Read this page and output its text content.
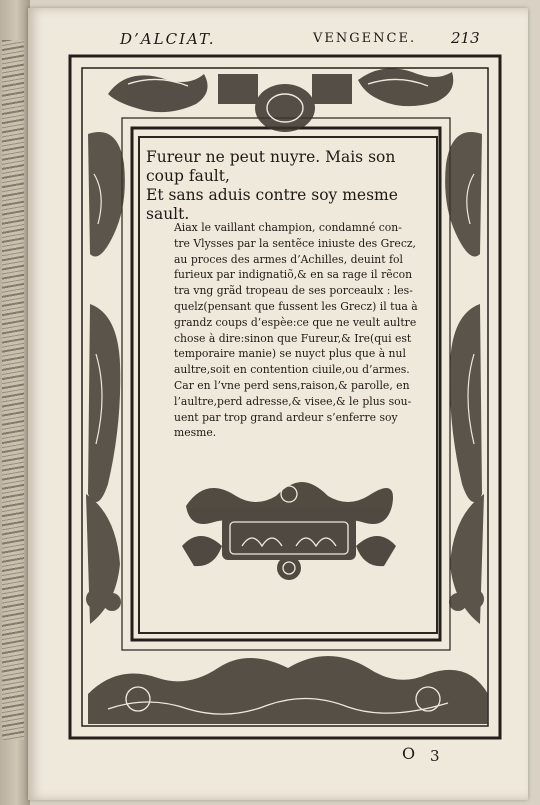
D’ALCIAT.	VENGENCE. 213
Fureur ne peut nuyre. Mais son coup fault,
Et sans aduis contre soy mesme sault.
Aiax le vaillant champion, condamné con-
tre Vlysses par la sentẽce iniuste des Grecz,
au proces des armes d’Achilles, deuint fol
furieux par indignatiõ,& en sa rage il rẽcon
tra vng grãd tropeau de ses porceaulx : les-
quelz(pensant que fussent les Grecz) il tua à
grandz coups d’espèe:ce que ne veult aultre
chose à dire:sinon que Fureur,& Ire(qui est
temporaire manie) se nuyct plus que à nul
aultre,soit en contention ciuile,ou d’armes.
Car en l’vne perd sens,raison,& parolle, en
l’aultre,perd adresse,& visee,& le plus sou-
uent par trop grand ardeur s’enferre soy
mesme.
O 3
